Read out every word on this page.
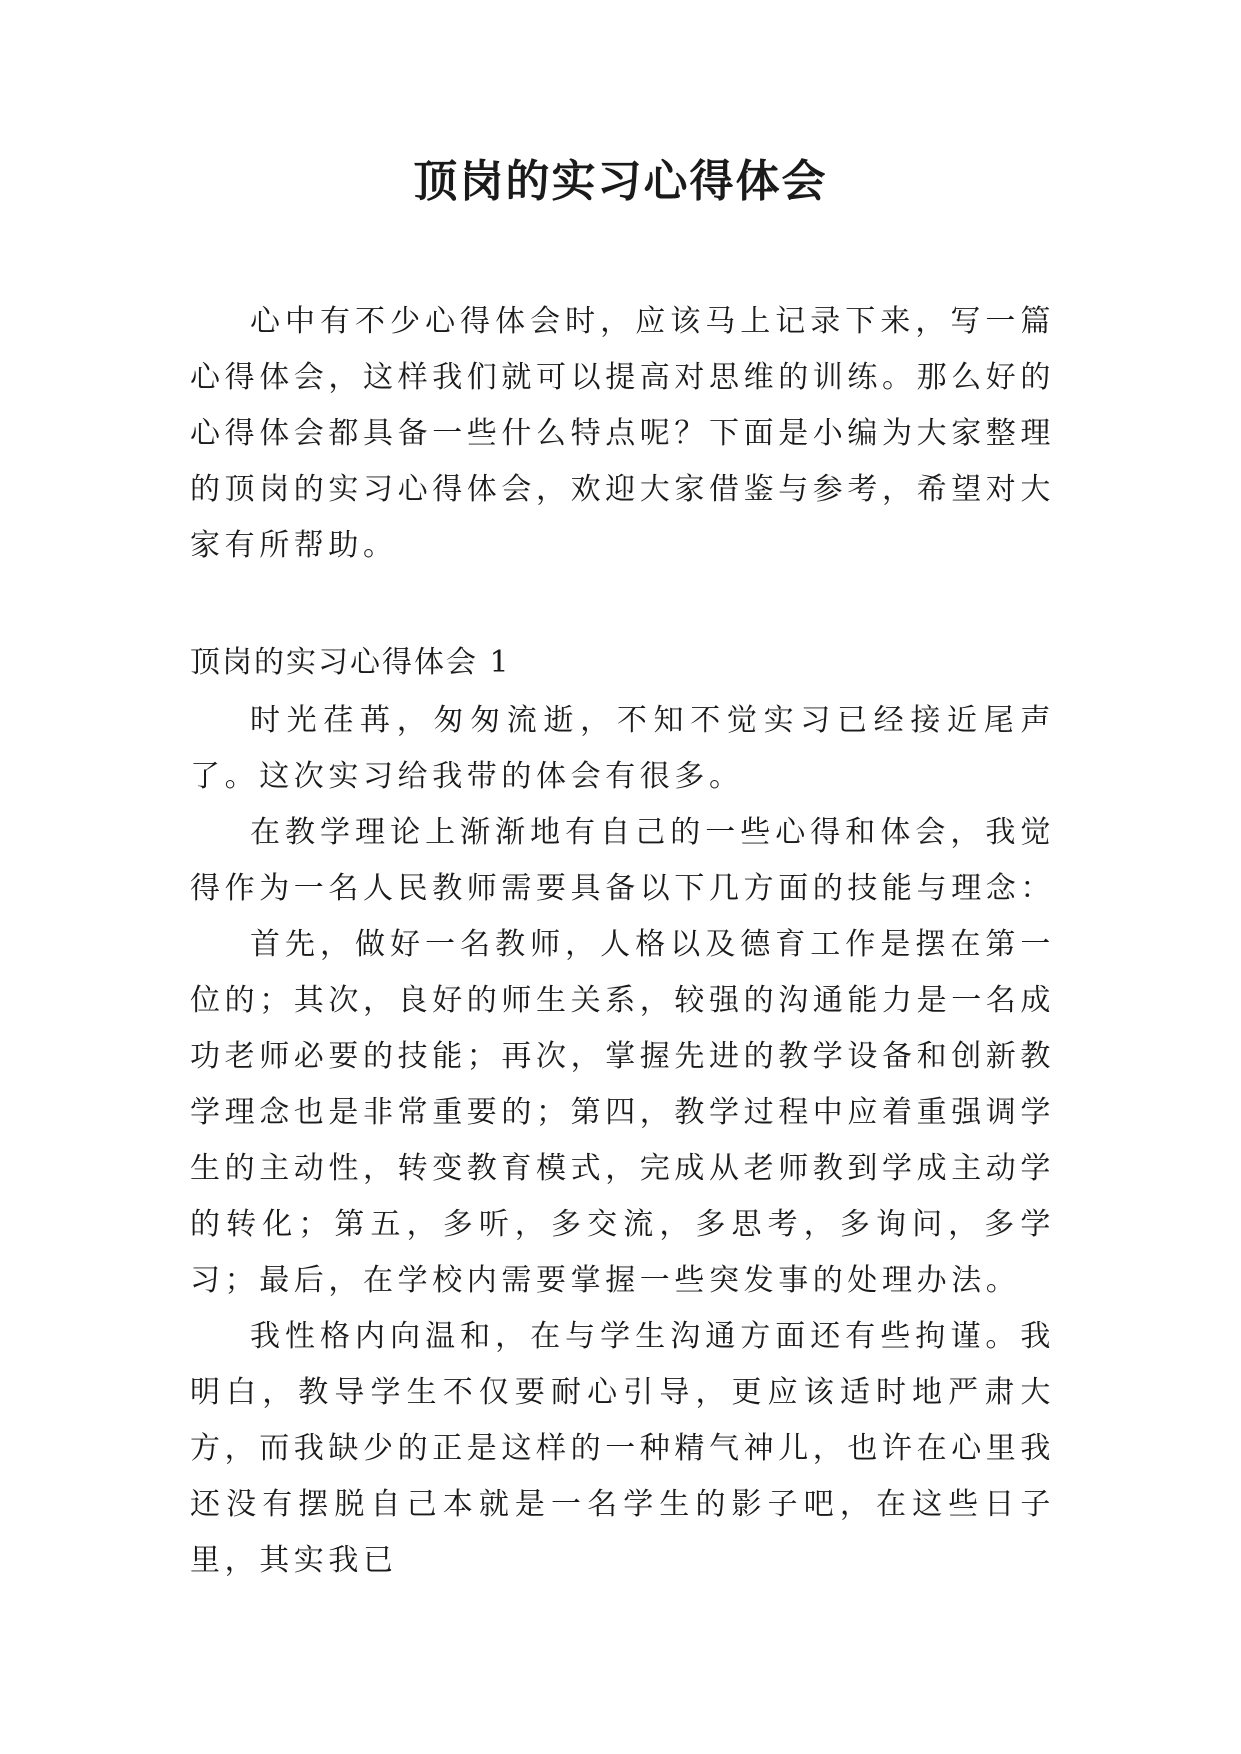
顶岗的实习心得体会

心中有不少心得体会时，应该马上记录下来，写一篇心得体会，这样我们就可以提高对思维的训练。那么好的心得体会都具备一些什么特点呢？下面是小编为大家整理的顶岗的实习心得体会，欢迎大家借鉴与参考，希望对大家有所帮助。

顶岗的实习心得体会 1

时光荏苒，匆匆流逝，不知不觉实习已经接近尾声了。这次实习给我带的体会有很多。

在教学理论上渐渐地有自己的一些心得和体会，我觉得作为一名人民教师需要具备以下几方面的技能与理念：

首先，做好一名教师，人格以及德育工作是摆在第一位的；其次，良好的师生关系，较强的沟通能力是一名成功老师必要的技能；再次，掌握先进的教学设备和创新教学理念也是非常重要的；第四，教学过程中应着重强调学生的主动性，转变教育模式，完成从老师教到学成主动学的转化；第五，多听，多交流，多思考，多询问，多学习；最后，在学校内需要掌握一些突发事的处理办法。

我性格内向温和，在与学生沟通方面还有些拘谨。我明白，教导学生不仅要耐心引导，更应该适时地严肃大方，而我缺少的正是这样的一种精气神儿，也许在心里我还没有摆脱自己本就是一名学生的影子吧，在这些日子里，其实我已
